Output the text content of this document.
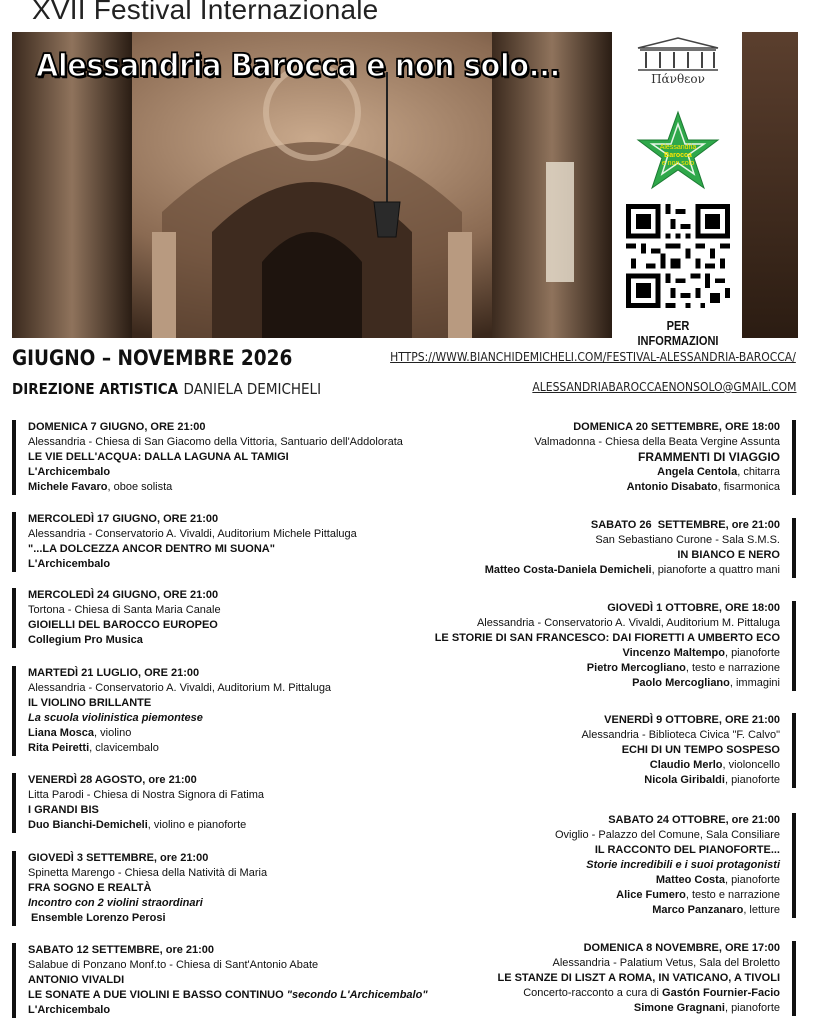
XVII Festival Internazionale
Alessandria Barocca e non solo...	Πάνθεον
Alessandria
Barocca
e non solo
PER INFORMAZIONI
GIUGNO – NOVEMBRE 2026
DIREZIONE ARTISTICA DANIELA DEMICHELI
HTTPS://WWW.BIANCHIDEMICHELI.COM/FESTIVAL-ALESSANDRIA-BAROCCA/
ALESSANDRIABAROCCAENONSOLO@GMAIL.COM
DOMENICA 7 GIUGNO, ORE 21:00
Alessandria - Chiesa di San Giacomo della Vittoria, Santuario dell'Addolorata
LE VIE DELL'ACQUA: DALLA LAGUNA AL TAMIGI
L'Archicembalo
Michele Favaro, oboe solista
MERCOLEDÌ 17 GIUGNO, ORE 21:00
Alessandria - Conservatorio A. Vivaldi, Auditorium Michele Pittaluga
"...LA DOLCEZZA ANCOR DENTRO MI SUONA"
L'Archicembalo
MERCOLEDÌ 24 GIUGNO, ORE 21:00
Tortona - Chiesa di Santa Maria Canale
GIOIELLI DEL BAROCCO EUROPEO
Collegium Pro Musica
MARTEDÌ 21 LUGLIO, ORE 21:00
Alessandria - Conservatorio A. Vivaldi, Auditorium M. Pittaluga
IL VIOLINO BRILLANTE
La scuola violinistica piemontese
Liana Mosca, violino
Rita Peiretti, clavicembalo
VENERDÌ 28 AGOSTO, ore 21:00
Litta Parodi - Chiesa di Nostra Signora di Fatima
I GRANDI BIS
Duo Bianchi-Demicheli, violino e pianoforte
GIOVEDÌ 3 SETTEMBRE, ore 21:00
Spinetta Marengo - Chiesa della Natività di Maria
FRA SOGNO E REALTÀ
Incontro con 2 violini straordinari
Ensemble Lorenzo Perosi
SABATO 12 SETTEMBRE, ore 21:00
Salabue di Ponzano Monf.to - Chiesa di Sant'Antonio Abate
ANTONIO VIVALDI
LE SONATE A DUE VIOLINI E BASSO CONTINUO "secondo L'Archicembalo"
L'Archicembalo
DOMENICA 20 SETTEMBRE, ORE 18:00
Valmadonna - Chiesa della Beata Vergine Assunta
FRAMMENTI DI VIAGGIO
Angela Centola, chitarra
Antonio Disabato, fisarmonica
SABATO 26  SETTEMBRE, ore 21:00
San Sebastiano Curone - Sala S.M.S.
IN BIANCO E NERO
Matteo Costa-Daniela Demicheli, pianoforte a quattro mani
GIOVEDÌ 1 OTTOBRE, ORE 18:00
Alessandria - Conservatorio A. Vivaldi, Auditorium M. Pittaluga
LE STORIE DI SAN FRANCESCO: DAI FIORETTI A UMBERTO ECO
Vincenzo Maltempo, pianoforte
Pietro Mercogliano, testo e narrazione
Paolo Mercogliano, immagini
VENERDÌ 9 OTTOBRE, ORE 21:00
Alessandria - Biblioteca Civica "F. Calvo"
ECHI DI UN TEMPO SOSPESO
Claudio Merlo, violoncello
Nicola Giribaldi, pianoforte
SABATO 24 OTTOBRE, ore 21:00
Oviglio - Palazzo del Comune, Sala Consiliare
IL RACCONTO DEL PIANOFORTE...
Storie incredibili e i suoi protagonisti
Matteo Costa, pianoforte
Alice Fumero, testo e narrazione
Marco Panzanaro, letture
DOMENICA 8 NOVEMBRE, ORE 17:00
Alessandria - Palatium Vetus, Sala del Broletto
LE STANZE DI LISZT A ROMA, IN VATICANO, A TIVOLI
Concerto-racconto a cura di Gastón Fournier-Facio
Simone Gragnani, pianoforte
